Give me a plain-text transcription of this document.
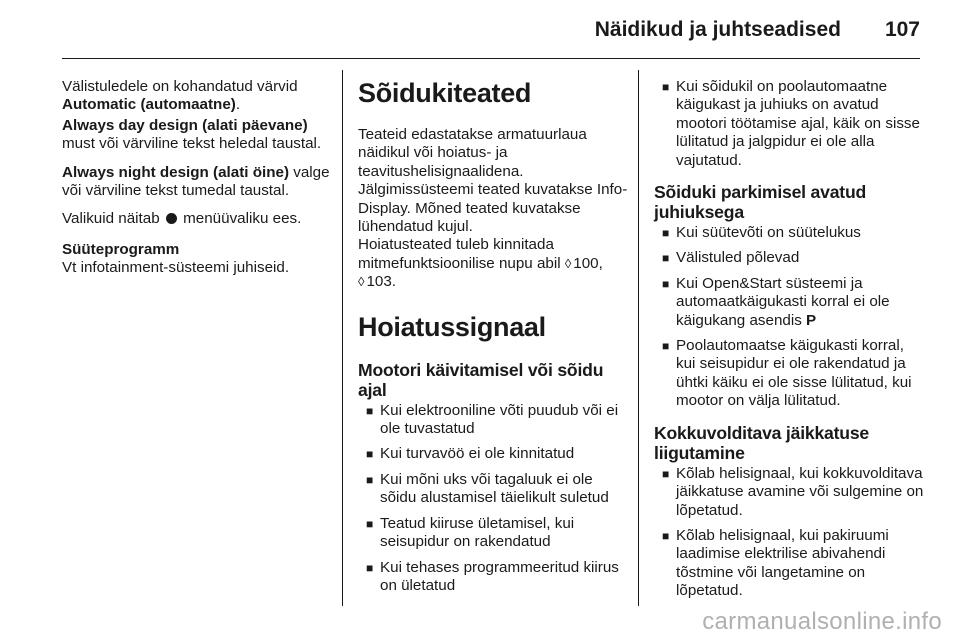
Näidikud ja juhtseadised 107

Välistuledele on kohandatud värvid
Automatic (automaatne).

Always day design (alati päevane)
must või värviline tekst heledal taustal.

Always night design (alati öine) valge või värviline tekst tumedal taustal.

Valikuid näitab menüüvaliku ees.

Süüteprogramm

Vt infotainment-süsteemi juhiseid.

Sõidukiteated

Teateid edastatakse armatuurlaua näidikul või hoiatus- ja teavitushelisignaalidena.
Jälgimissüsteemi teated kuvatakse Info-Display. Mõned teated kuvatakse lühendatud kujul.
Hoiatusteated tuleb kinnitada mitmefunktsioonilise nupu abil ◊ 100,
◊ 103.

Hoiatussignaal
Mootori käivitamisel või sõidu ajal
■ Kui elektrooniline võti puudub või ei ole tuvastatud
■ Kui turvavöö ei ole kinnitatud
■ Kui mõni uks või tagaluuk ei ole sõidu alustamisel täielikult suletud
■ Teatud kiiruse ületamisel, kui seisupidur on rakendatud
■ Kui tehases programmeeritud kiirus on ületatud
■ Kui sõidukil on poolautomaatne käigukast ja juhiuks on avatud mootori töötamise ajal, käik on sisse lülitatud ja jalgpidur ei ole alla vajutatud.
Sõiduki parkimisel avatud juhiuksega
■ Kui süütevõti on süütelukus
■ Välistuled põlevad
■ Kui Open&Start süsteemi ja automaatkäigukasti korral ei ole käigukang asendis P
■ Poolautomaatse käigukasti korral, kui seisupidur ei ole rakendatud ja ühtki käiku ei ole sisse lülitatud, kui mootor on välja lülitatud.
Kokkuvolditava jäikkatuse liigutamine
■ Kõlab helisignaal, kui kokkuvolditava jäikkatuse avamine või sulgemine on lõpetatud.
■ Kõlab helisignaal, kui pakiruumi laadimise elektrilise abivahendi tõstmine või langetamine on lõpetatud.
carmanualsonline.info
